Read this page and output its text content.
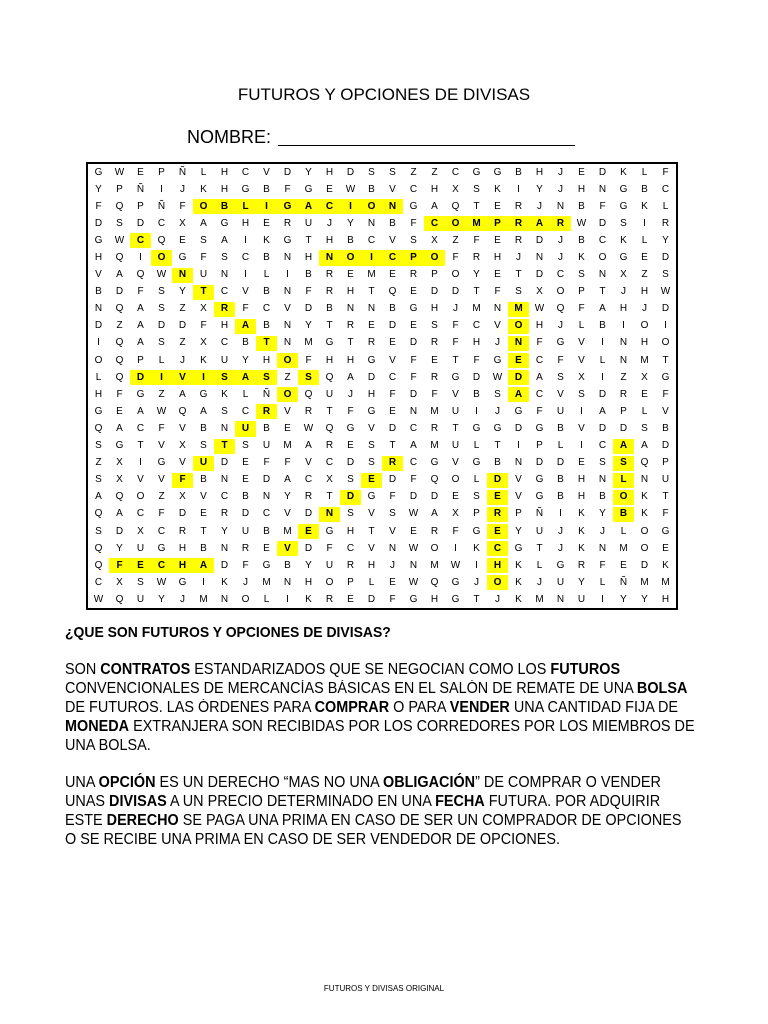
FUTUROS Y OPCIONES DE DIVISAS
NOMBRE:
G	W	E	P	Ñ	L	H	C	V	D	Y	H	D	S	S	Z	Z	C	G	G	B	H	J	E	D	K	L	F
Y	P	Ñ	I	J	K	H	G	B	F	G	E	W	B	V	C	H	X	S	K	I	Y	J	H	N	G	B	C
F	Q	P	Ñ	F	O	B	L	I	G	A	C	I	O	N	G	A	Q	T	E	R	J	N	B	F	G	K	L
D	S	D	C	X	A	G	H	E	R	U	J	Y	N	B	F	C	O	M	P	R	A	R	W	D	S	I	R
G	W	C	Q	E	S	A	I	K	G	T	H	B	C	V	S	X	Z	F	E	R	D	J	B	C	K	L	Y
H	Q	I	O	G	F	S	C	B	N	H	N	O	I	C	P	O	F	R	H	J	N	J	K	O	G	E	D
V	A	Q	W	N	U	N	I	L	I	B	R	E	M	E	R	P	O	Y	E	T	D	C	S	N	X	Z	S
B	D	F	S	Y	T	C	V	B	N	F	R	H	T	Q	E	D	D	T	F	S	X	O	P	T	J	H	W
N	Q	A	S	Z	X	R	F	C	V	D	B	N	N	B	G	H	J	M	N	M	W	Q	F	A	H	J	D
D	Z	A	D	D	F	H	A	B	N	Y	T	R	E	D	E	S	F	C	V	O	H	J	L	B	I	O	I
I	Q	A	S	Z	X	C	B	T	N	M	G	T	R	E	D	R	F	H	J	N	F	G	V	I	N	H	O
O	Q	P	L	J	K	U	Y	H	O	F	H	H	G	V	F	E	T	F	G	E	C	F	V	L	N	M	T
L	Q	D	I	V	I	S	A	S	Z	S	Q	A	D	C	F	R	G	D	W	D	A	S	X	I	Z	X	G
H	F	G	Z	A	G	K	L	Ñ	O	Q	U	J	H	F	D	F	V	B	S	A	C	V	S	D	R	E	F
G	E	A	W	Q	A	S	C	R	V	R	T	F	G	E	N	M	U	I	J	G	F	U	I	A	P	L	V
Q	A	C	F	V	B	N	U	B	E	W	Q	G	V	D	C	R	T	G	G	D	G	B	V	D	D	S	B
S	G	T	V	X	S	T	S	U	M	A	R	E	S	T	A	M	U	L	T	I	P	L	I	C	A	A	D
Z	X	I	G	V	U	D	E	F	F	V	C	D	S	R	C	G	V	G	B	N	D	D	E	S	S	Q	P
S	X	V	V	F	B	N	E	D	A	C	X	S	E	D	F	Q	O	L	D	V	G	B	H	N	L	N	U
A	Q	O	Z	X	V	C	B	N	Y	R	T	D	G	F	D	D	E	S	E	V	G	B	H	B	O	K	T
Q	A	C	F	D	E	R	D	C	V	D	N	S	V	S	W	A	X	P	R	P	Ñ	I	K	Y	B	K	F
S	D	X	C	R	T	Y	U	B	M	E	G	H	T	V	E	R	F	G	E	Y	U	J	K	J	L	O	G
Q	Y	U	G	H	B	N	R	E	V	D	F	C	V	N	W	O	I	K	C	G	T	J	K	N	M	O	E
Q	F	E	C	H	A	D	F	G	B	Y	U	R	H	J	N	M	W	I	H	K	L	G	R	F	E	D	K
C	X	S	W	G	I	K	J	M	N	H	O	P	L	E	W	Q	G	J	O	K	J	U	Y	L	Ñ	M	M
W	Q	U	Y	J	M	N	O	L	I	K	R	E	D	F	G	H	G	T	J	K	M	N	U	I	Y	Y	H
¿QUE SON FUTUROS Y OPCIONES DE DIVISAS?
SON CONTRATOS ESTANDARIZADOS QUE SE NEGOCIAN COMO LOS FUTUROS
CONVENCIONALES DE MERCANCÍAS BÁSICAS EN EL SALÓN DE REMATE DE UNA BOLSA
DE FUTUROS. LAS ÓRDENES PARA COMPRAR O PARA VENDER UNA CANTIDAD FIJA DE
MONEDA EXTRANJERA SON RECIBIDAS POR LOS CORREDORES POR LOS MIEMBROS DE
UNA BOLSA.
UNA OPCIÓN ES UN DERECHO “MAS NO UNA OBLIGACIÓN” DE COMPRAR O VENDER
UNAS DIVISAS A UN PRECIO DETERMINADO EN UNA FECHA FUTURA. POR ADQUIRIR
ESTE DERECHO SE PAGA UNA PRIMA EN CASO DE SER UN COMPRADOR DE OPCIONES
O SE RECIBE UNA PRIMA EN CASO DE SER VENDEDOR DE OPCIONES.
FUTUROS Y DIVISAS ORIGINAL
